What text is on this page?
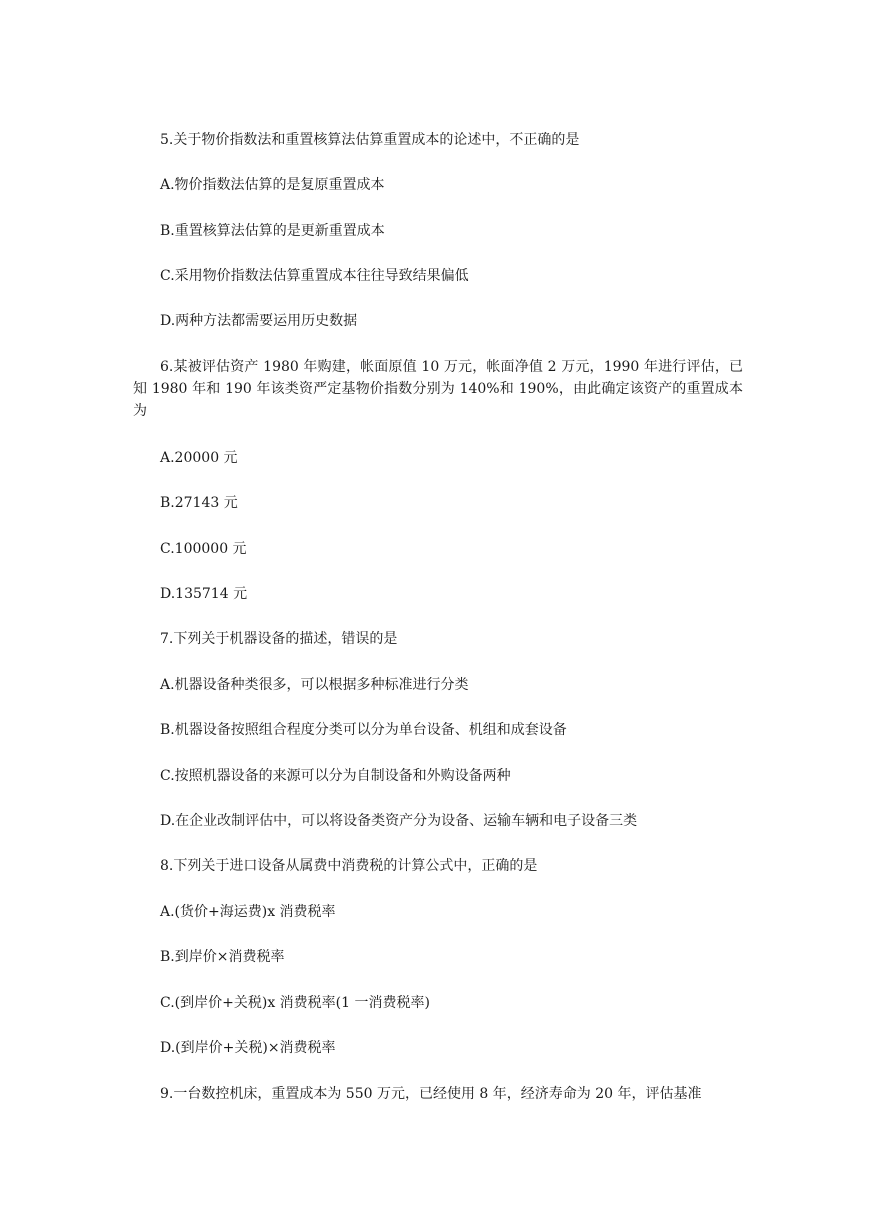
5.关于物价指数法和重置核算法估算重置成本的论述中，不正确的是
A.物价指数法估算的是复原重置成本
B.重置核算法估算的是更新重置成本
C.采用物价指数法估算重置成本往往导致结果偏低
D.两种方法都需要运用历史数据
6.某被评估资产 1980 年购建，帐面原值 10 万元，帐面净值 2 万元，1990 年进行评估，已知 1980 年和 190 年该类资严定基物价指数分别为 140%和 190%，由此确定该资产的重置成本为
A.20000 元
B.27143 元
C.100000 元
D.135714 元
7.下列关于机器设备的描述，错误的是
A.机器设备种类很多，可以根据多种标准进行分类
B.机器设备按照组合程度分类可以分为单台设备、机组和成套设备
C.按照机器设备的来源可以分为自制设备和外购设备两种
D.在企业改制评估中，可以将设备类资产分为设备、运输车辆和电子设备三类
8.下列关于进口设备从属费中消费税的计算公式中，正确的是
A.(货价+海运费)x 消费税率
B.到岸价×消费税率
C.(到岸价+关税)x 消费税率(1 一消费税率)
D.(到岸价+关税)×消费税率
9.一台数控机床，重置成本为 550 万元，已经使用 8 年，经济寿命为 20 年，评估基准
